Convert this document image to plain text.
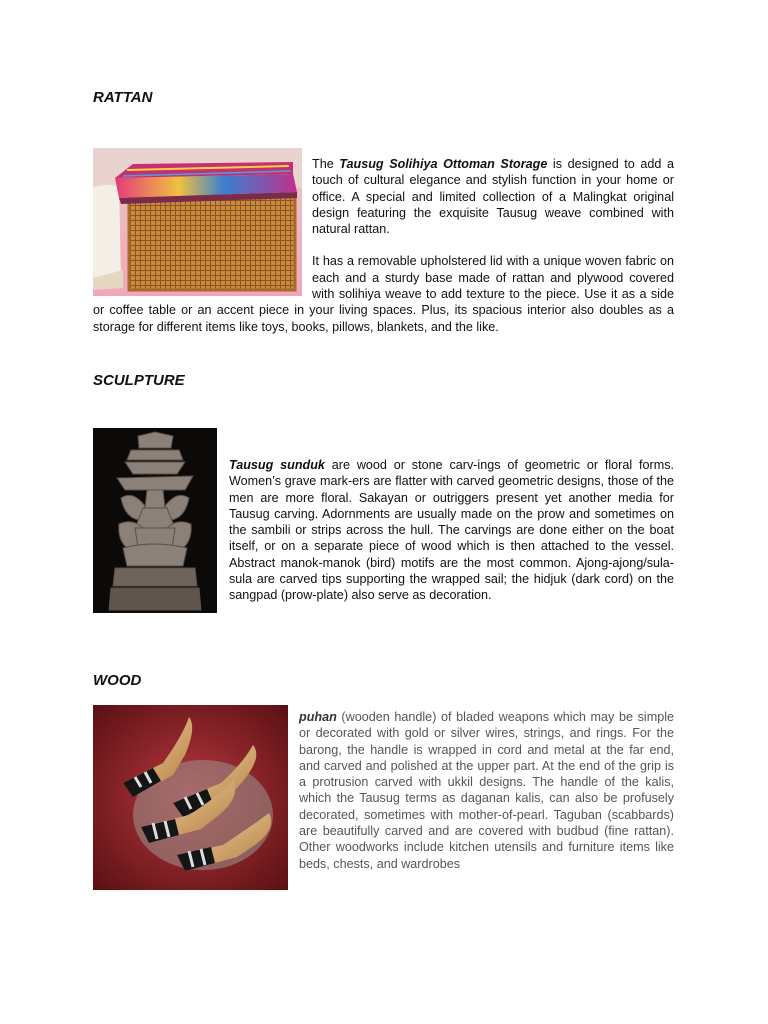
RATTAN

The Tausug Solihiya Ottoman Storage is designed to add a touch of cultural elegance and stylish function in your home or office. A special and limited collection of a Malingkat original design featuring the exquisite Tausug weave combined with natural rattan.

It has a removable upholstered lid with a unique woven fabric on each and a sturdy base made of rattan and plywood covered with solihiya weave to add texture to the piece. Use it as a side or coffee table or an accent piece in your living spaces. Plus, its spacious interior also doubles as a storage for different items like toys, books, pillows, blankets, and the like.

SCULPTURE

Tausug sunduk are wood or stone carv-ings of geometric or floral forms. Women’s grave mark-ers are flatter with carved geometric designs, those of the men are more floral. Sakayan or outriggers present yet another media for Tausug carving. Adornments are usually made on the prow and sometimes on the sambili or strips across the hull. The carvings are done either on the boat itself, or on a separate piece of wood which is then attached to the vessel. Abstract manok-manok (bird) motifs are the most common. Ajong-ajong/sula-sula are carved tips supporting the wrapped sail; the hidjuk (dark cord) on the sangpad (prow-plate) also serve as decoration.

WOOD

puhan (wooden handle) of bladed weapons which may be simple or decorated with gold or silver wires, strings, and rings. For the barong, the handle is wrapped in cord and metal at the far end, and carved and polished at the upper part. At the end of the grip is a protrusion carved with ukkil designs. The handle of the kalis, which the Tausug terms as daganan kalis, can also be profusely decorated, sometimes with mother-of-pearl. Taguban (scabbards) are beautifully carved and are covered with budbud (fine rattan). Other woodworks include kitchen utensils and furniture items like beds, chests, and wardrobes
